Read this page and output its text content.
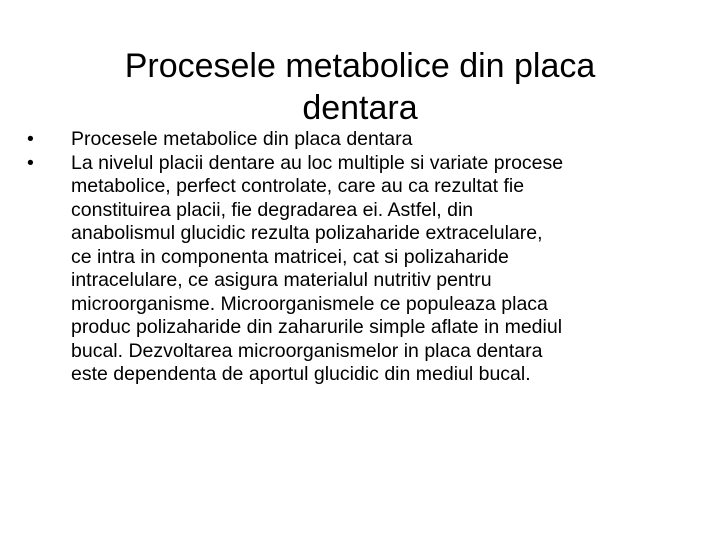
Procesele metabolice din placa
dentara
•	Procesele metabolice din placa dentara
•	La nivelul placii dentare au loc multiple si variate procese
metabolice, perfect controlate, care au ca rezultat fie
constituirea placii, fie degradarea ei. Astfel, din
anabolismul glucidic rezulta polizaharide extracelulare,
ce intra in componenta matricei, cat si polizaharide
intracelulare, ce asigura materialul nutritiv pentru
microorganisme. Microorganismele ce populeaza placa
produc polizaharide din zaharurile simple aflate in mediul
bucal. Dezvoltarea microorganismelor in placa dentara
este dependenta de aportul glucidic din mediul bucal.
